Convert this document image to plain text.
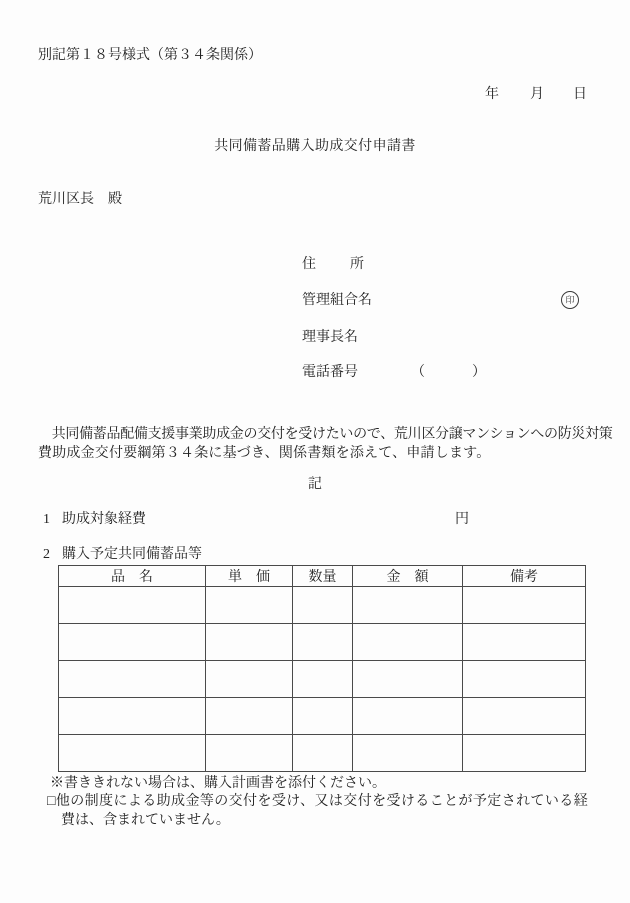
別記第１８号様式（第３４条関係）
年 月 日
共同備蓄品購入助成交付申請書
荒川区長　殿
住　　所
管理組合名	印
理事長名
電話番号	（	）
　共同備蓄品配備支援事業助成金の交付を受けたいので、荒川区分譲マンションへの防災対策
費助成金交付要綱第３４条に基づき、関係書類を添えて、申請します。
記
1 助成対象経費	円
2 購入予定共同備蓄品等
品　名	単　価	数量	金　額	備考

※書ききれない場合は、購入計画書を添付ください。
□他の制度による助成金等の交付を受け、又は交付を受けることが予定されている経
費は、含まれていません。
